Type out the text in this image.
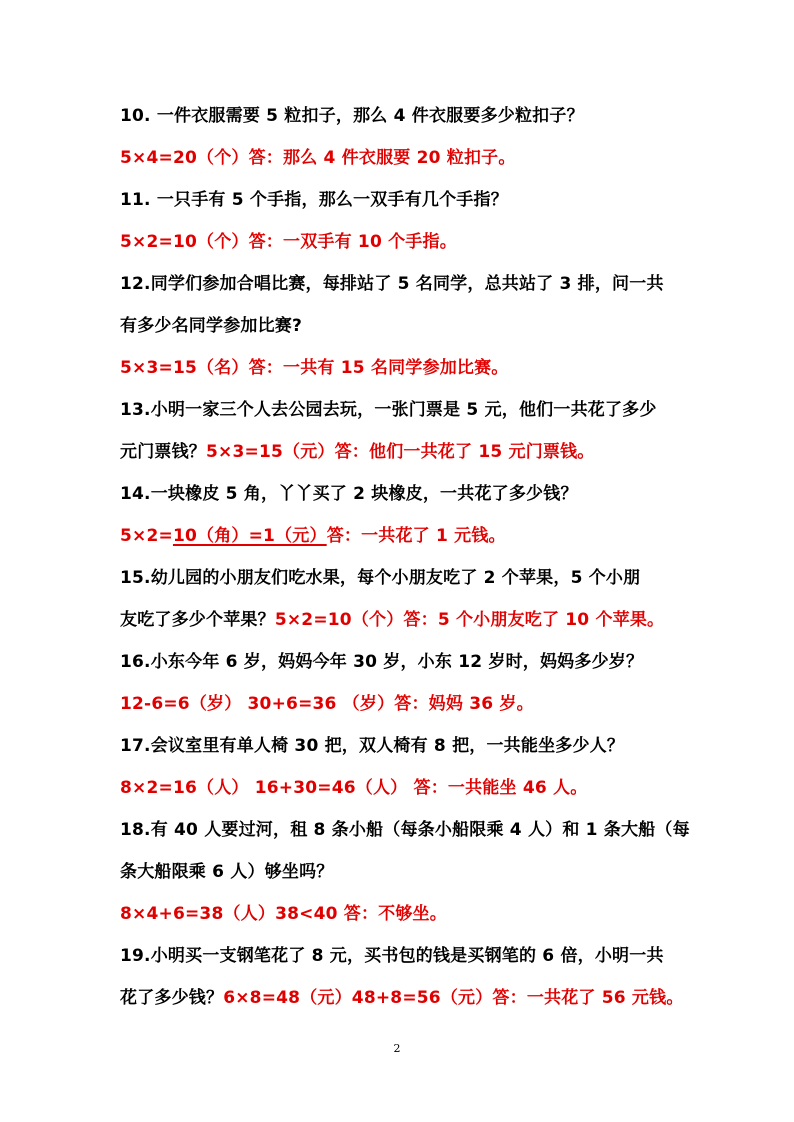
10. 一件衣服需要 5 粒扣子，那么 4 件衣服要多少粒扣子？
5×4=20（个）答：那么 4 件衣服要 20 粒扣子。
11. 一只手有 5 个手指，那么一双手有几个手指？
5×2=10（个）答：一双手有 10 个手指。
12.同学们参加合唱比赛，每排站了 5 名同学，总共站了 3 排，问一共
有多少名同学参加比赛?
5×3=15（名）答：一共有 15 名同学参加比赛。
13.小明一家三个人去公园去玩，一张门票是 5 元，他们一共花了多少
元门票钱？5×3=15（元）答：他们一共花了 15 元门票钱。
14.一块橡皮 5 角，丫丫买了 2 块橡皮，一共花了多少钱？
5×2=10（角）=1（元）答：一共花了 1 元钱。
15.幼儿园的小朋友们吃水果，每个小朋友吃了 2 个苹果，5 个小朋
友吃了多少个苹果？5×2=10（个）答：5 个小朋友吃了 10 个苹果。
16.小东今年 6 岁，妈妈今年 30 岁，小东 12 岁时，妈妈多少岁？
12-6=6（岁） 30+6=36 （岁）答：妈妈 36 岁。
17.会议室里有单人椅 30 把，双人椅有 8 把，一共能坐多少人？
8×2=16（人） 16+30=46（人） 答：一共能坐 46 人。
18.有 40 人要过河，租 8 条小船（每条小船限乘 4 人）和 1 条大船（每
条大船限乘 6 人）够坐吗？
8×4+6=38（人）38<40 答：不够坐。
19.小明买一支钢笔花了 8 元，买书包的钱是买钢笔的 6 倍，小明一共
花了多少钱？6×8=48（元）48+8=56（元）答：一共花了 56 元钱。
2
